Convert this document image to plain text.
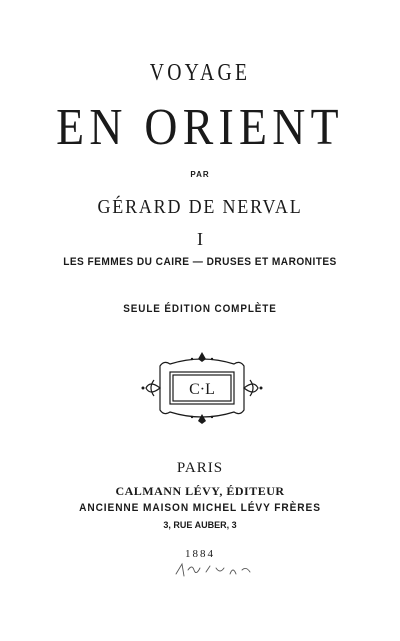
VOYAGE
EN ORIENT
PAR
GÉRARD DE NERVAL
I
LES FEMMES DU CAIRE — DRUSES ET MARONITES
SEULE ÉDITION COMPLÈTE
C·L
PARIS
CALMANN LÉVY, ÉDITEUR
ANCIENNE MAISON MICHEL LÉVY FRÈRES
3, RUE AUBER, 3
1884
